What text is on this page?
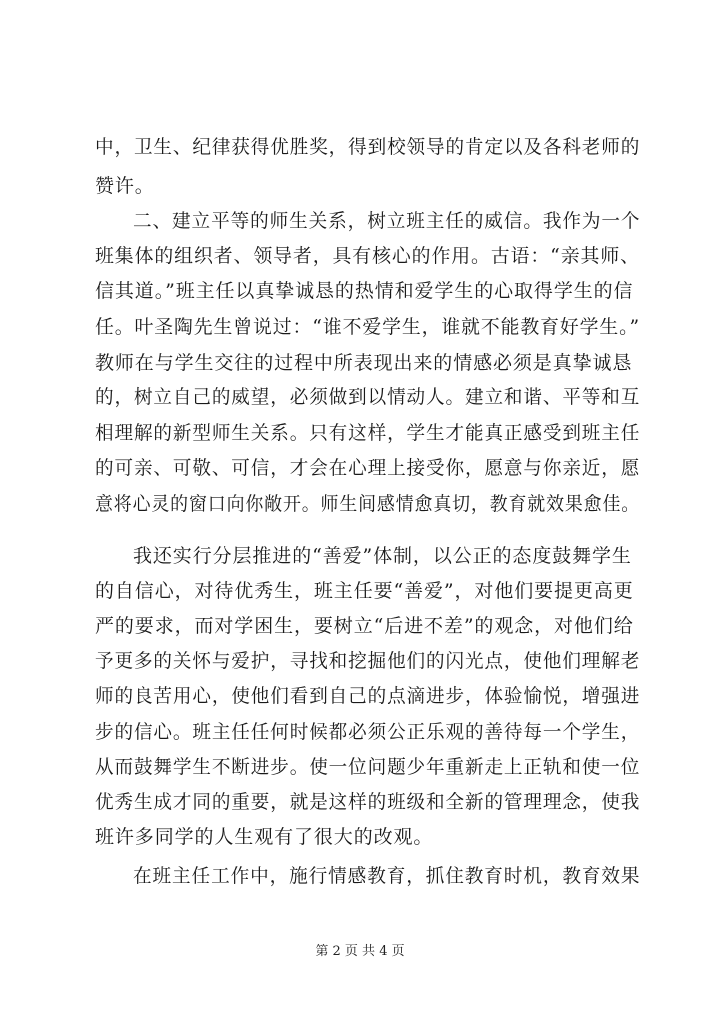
中，卫生、纪律获得优胜奖，得到校领导的肯定以及各科老师的
赞许。
二、建立平等的师生关系，树立班主任的威信。我作为一个
班集体的组织者、领导者，具有核心的作用。古语：“亲其师、
信其道。”班主任以真挚诚恳的热情和爱学生的心取得学生的信
任。叶圣陶先生曾说过：“谁不爱学生，谁就不能教育好学生。”
教师在与学生交往的过程中所表现出来的情感必须是真挚诚恳
的，树立自己的威望，必须做到以情动人。建立和谐、平等和互
相理解的新型师生关系。只有这样，学生才能真正感受到班主任
的可亲、可敬、可信，才会在心理上接受你，愿意与你亲近，愿
意将心灵的窗口向你敞开。师生间感情愈真切，教育就效果愈佳。
我还实行分层推进的“善爱”体制，以公正的态度鼓舞学生
的自信心，对待优秀生，班主任要“善爱”，对他们要提更高更
严的要求，而对学困生，要树立“后进不差”的观念，对他们给
予更多的关怀与爱护，寻找和挖掘他们的闪光点，使他们理解老
师的良苦用心，使他们看到自己的点滴进步，体验愉悦，增强进
步的信心。班主任任何时候都必须公正乐观的善待每一个学生，
从而鼓舞学生不断进步。使一位问题少年重新走上正轨和使一位
优秀生成才同的重要，就是这样的班级和全新的管理理念，使我
班许多同学的人生观有了很大的改观。
在班主任工作中，施行情感教育，抓住教育时机，教育效果
第 2 页 共 4 页
